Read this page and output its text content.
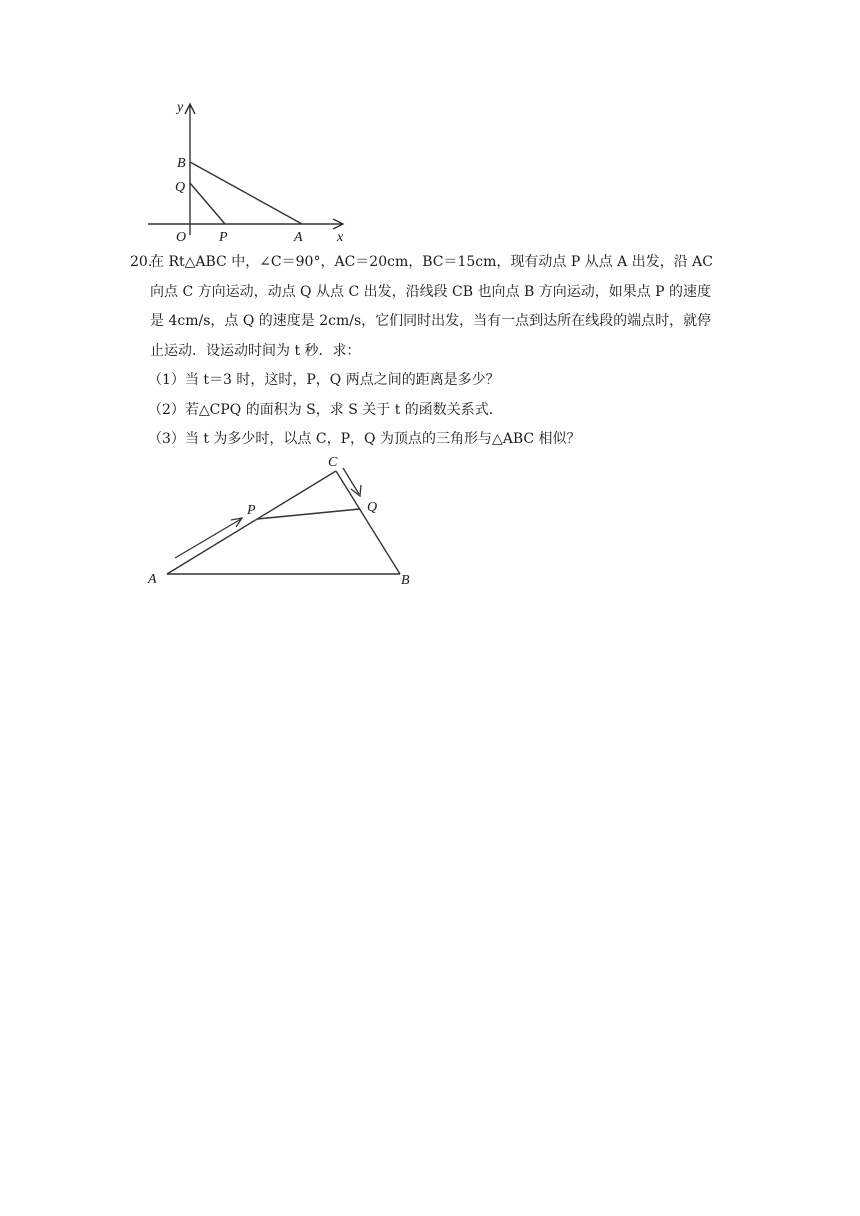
y
x
O
B
Q
P	A

20.在 Rt△ABC 中，∠C＝90°，AC＝20cm，BC＝15cm，现有动点 P 从点 A 出发，沿 AC

向点 C 方向运动，动点 Q 从点 C 出发，沿线段 CB 也向点 B 方向运动，如果点 P 的速度

是 4cm/s，点 Q 的速度是 2cm/s，它们同时出发，当有一点到达所在线段的端点时，就停

止运动．设运动时间为 t 秒．求：

（1）当 t＝3 时，这时，P，Q 两点之间的距离是多少？

（2）若△CPQ 的面积为 S，求 S 关于 t 的函数关系式．

（3）当 t 为多少时，以点 C，P，Q 为顶点的三角形与△ABC 相似？

A	B
C
P	Q
